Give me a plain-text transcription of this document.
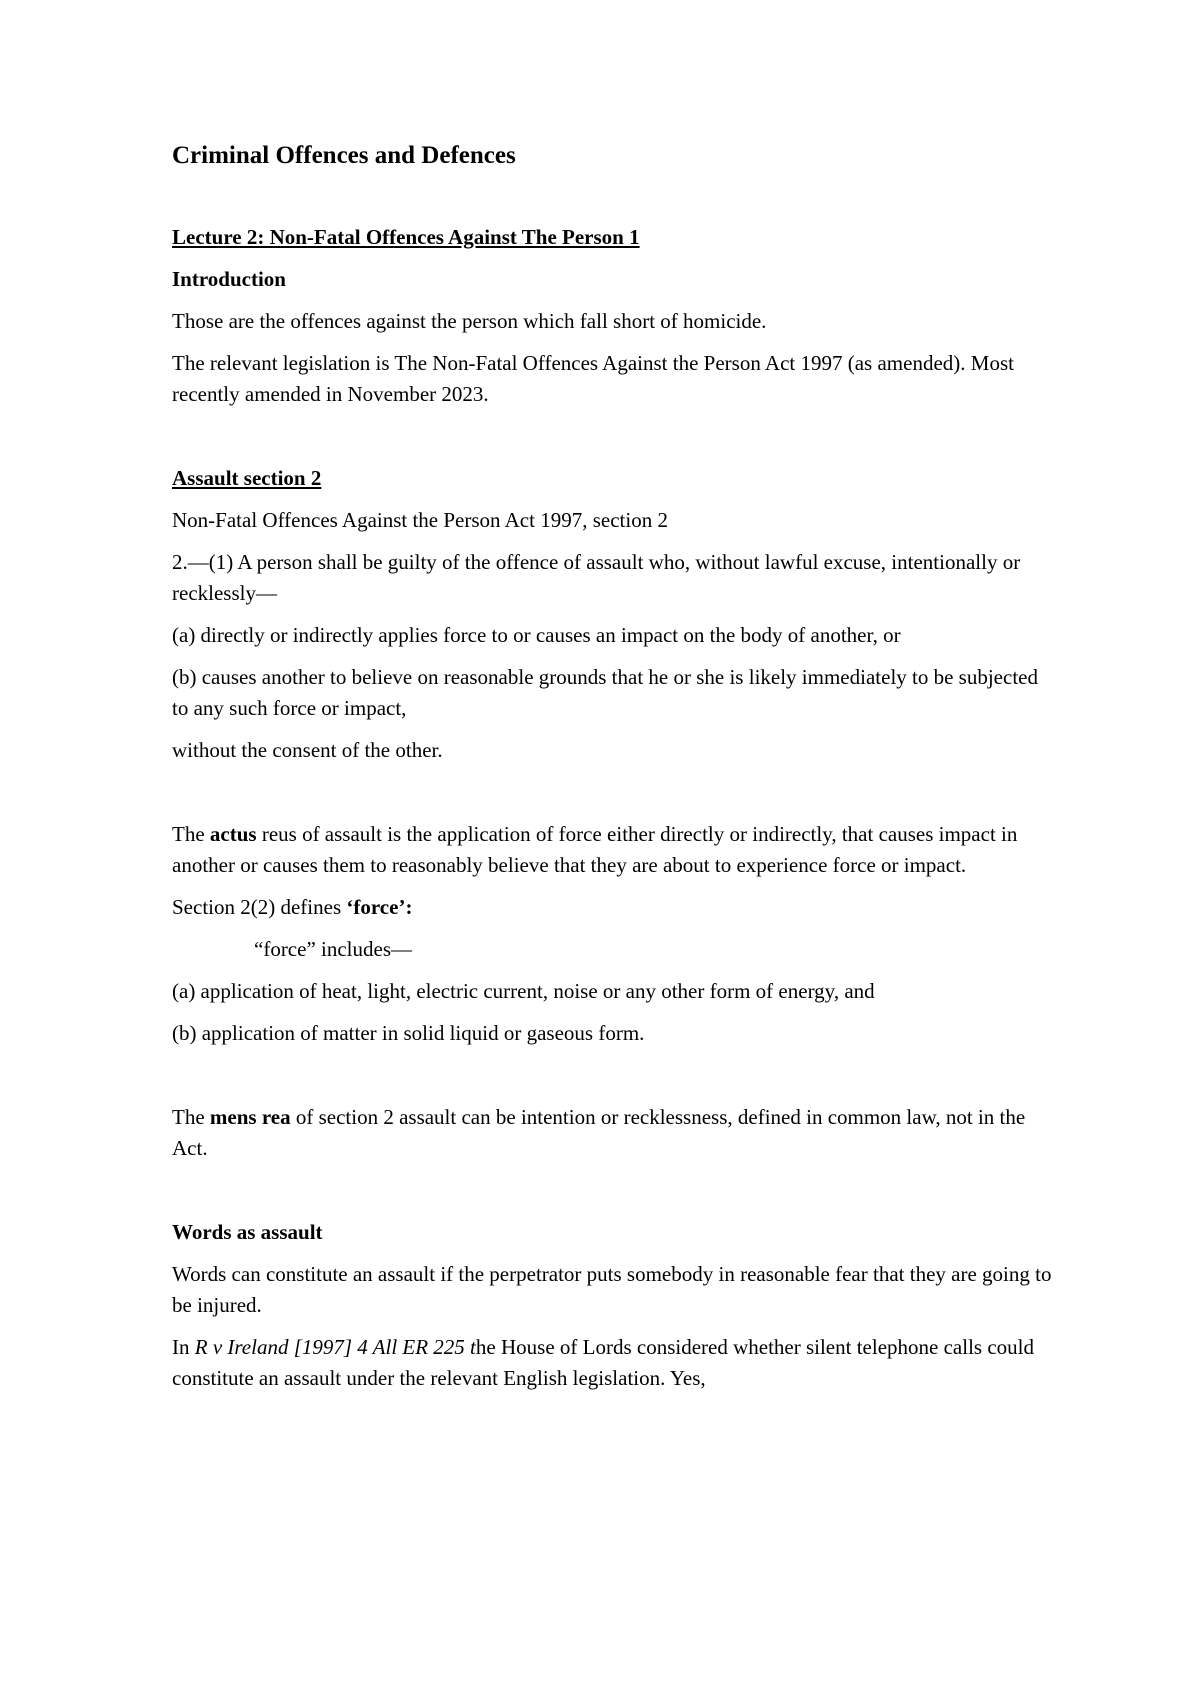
Criminal Offences and Defences

Lecture 2: Non-Fatal Offences Against The Person 1

Introduction

Those are the offences against the person which fall short of homicide.

The relevant legislation is The Non-Fatal Offences Against the Person Act 1997 (as amended). Most recently amended in November 2023.

Assault section 2

Non-Fatal Offences Against the Person Act 1997, section 2

2.—(1) A person shall be guilty of the offence of assault who, without lawful excuse, intentionally or recklessly—

(a) directly or indirectly applies force to or causes an impact on the body of another, or

(b) causes another to believe on reasonable grounds that he or she is likely immediately to be subjected to any such force or impact,

without the consent of the other.

The actus reus of assault is the application of force either directly or indirectly, that causes impact in another or causes them to reasonably believe that they are about to experience force or impact.

Section 2(2) defines ‘force’:

“force” includes—

(a) application of heat, light, electric current, noise or any other form of energy, and

(b) application of matter in solid liquid or gaseous form.

The mens rea of section 2 assault can be intention or recklessness, defined in common law, not in the Act.

Words as assault

Words can constitute an assault if the perpetrator puts somebody in reasonable fear that they are going to be injured.

In R v Ireland [1997] 4 All ER 225 the House of Lords considered whether silent telephone calls could constitute an assault under the relevant English legislation. Yes,
